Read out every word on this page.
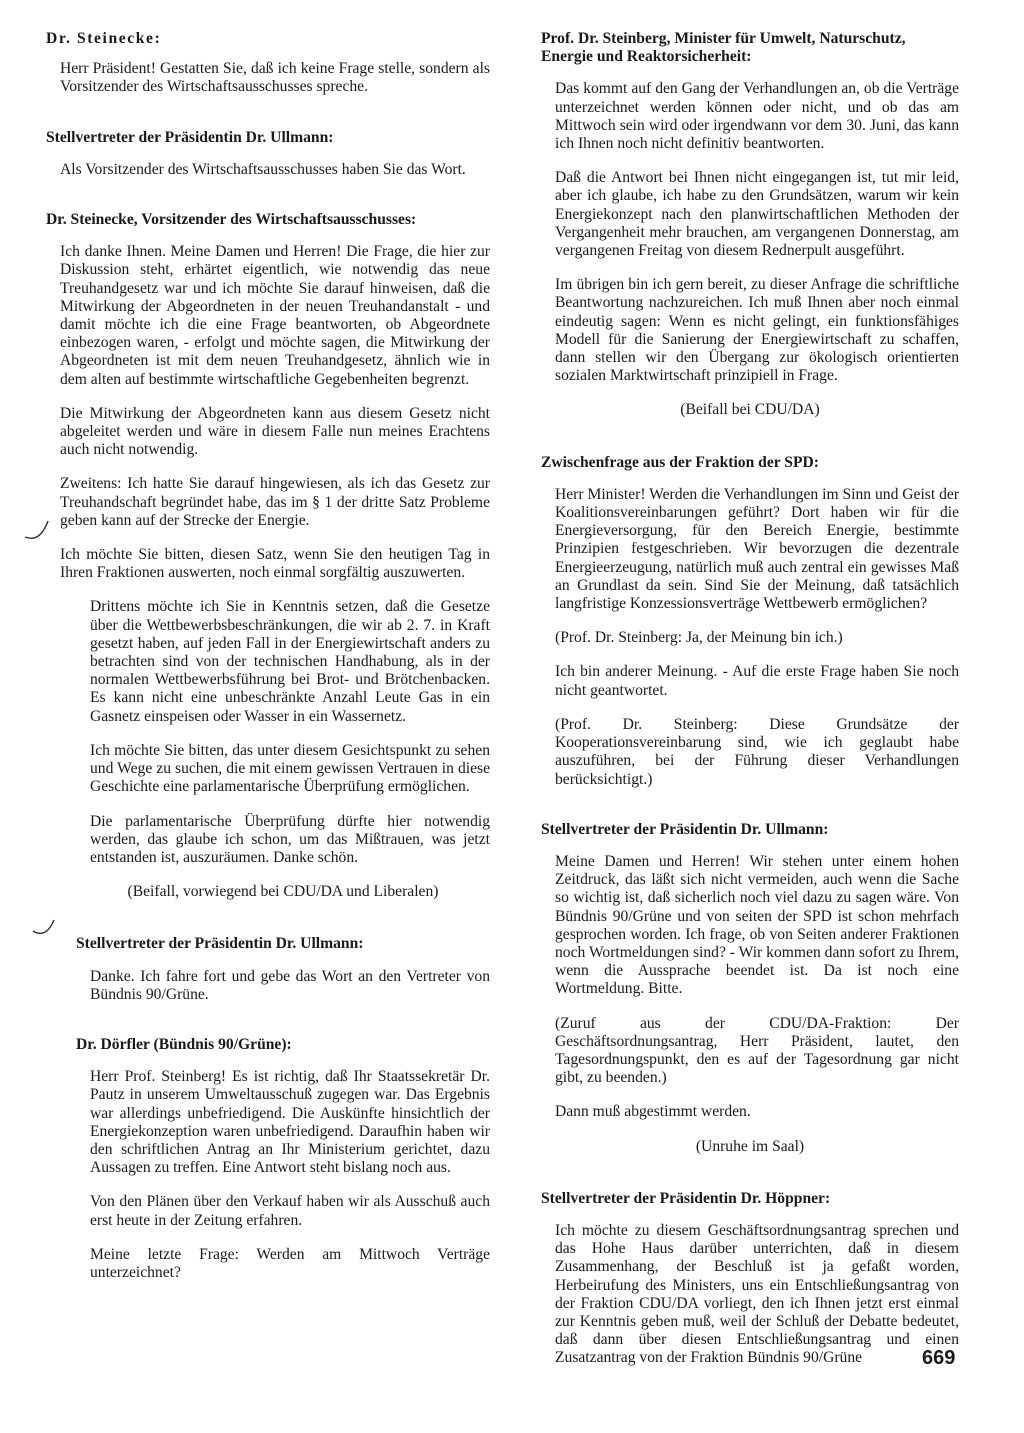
Dr. Steinecke:

Herr Präsident! Gestatten Sie, daß ich keine Frage stelle, sondern als Vorsitzender des Wirtschaftsausschusses spreche.

Stellvertreter der Präsidentin Dr. Ullmann:

Als Vorsitzender des Wirtschaftsausschusses haben Sie das Wort.

Dr. Steinecke, Vorsitzender des Wirtschaftsausschusses:

Ich danke Ihnen. Meine Damen und Herren! Die Frage, die hier zur Diskussion steht, erhärtet eigentlich, wie notwendig das neue Treuhandgesetz war und ich möchte Sie darauf hinweisen, daß die Mitwirkung der Abgeordneten in der neuen Treuhandanstalt - und damit möchte ich die eine Frage beantworten, ob Abgeordnete einbezogen waren, - erfolgt und möchte sagen, die Mitwirkung der Abgeordneten ist mit dem neuen Treuhandgesetz, ähnlich wie in dem alten auf bestimmte wirtschaftliche Gegebenheiten begrenzt.

Die Mitwirkung der Abgeordneten kann aus diesem Gesetz nicht abgeleitet werden und wäre in diesem Falle nun meines Erachtens auch nicht notwendig.

Zweitens: Ich hatte Sie darauf hingewiesen, als ich das Gesetz zur Treuhandschaft begründet habe, das im § 1 der dritte Satz Probleme geben kann auf der Strecke der Energie.

Ich möchte Sie bitten, diesen Satz, wenn Sie den heutigen Tag in Ihren Fraktionen auswerten, noch einmal sorgfältig auszuwerten.

Drittens möchte ich Sie in Kenntnis setzen, daß die Gesetze über die Wettbewerbsbeschränkungen, die wir ab 2. 7. in Kraft gesetzt haben, auf jeden Fall in der Energiewirtschaft anders zu betrachten sind von der technischen Handhabung, als in der normalen Wettbewerbsführung bei Brot- und Brötchenbacken. Es kann nicht eine unbeschränkte Anzahl Leute Gas in ein Gasnetz einspeisen oder Wasser in ein Wassernetz.

Ich möchte Sie bitten, das unter diesem Gesichtspunkt zu sehen und Wege zu suchen, die mit einem gewissen Vertrauen in diese Geschichte eine parlamentarische Überprüfung ermöglichen.

Die parlamentarische Überprüfung dürfte hier notwendig werden, das glaube ich schon, um das Mißtrauen, was jetzt entstanden ist, auszuräumen. Danke schön.

(Beifall, vorwiegend bei CDU/DA und Liberalen)

Stellvertreter der Präsidentin Dr. Ullmann:

Danke. Ich fahre fort und gebe das Wort an den Vertreter von Bündnis 90/Grüne.

Dr. Dörfler (Bündnis 90/Grüne):

Herr Prof. Steinberg! Es ist richtig, daß Ihr Staatssekretär Dr. Pautz in unserem Umweltausschuß zugegen war. Das Ergebnis war allerdings unbefriedigend. Die Auskünfte hinsichtlich der Energiekonzeption waren unbefriedigend. Daraufhin haben wir den schriftlichen Antrag an Ihr Ministerium gerichtet, dazu Aussagen zu treffen. Eine Antwort steht bislang noch aus.

Von den Plänen über den Verkauf haben wir als Ausschuß auch erst heute in der Zeitung erfahren.

Meine letzte Frage: Werden am Mittwoch Verträge unterzeichnet?

Prof. Dr. Steinberg, Minister für Umwelt, Naturschutz, Energie und Reaktorsicherheit:

Das kommt auf den Gang der Verhandlungen an, ob die Verträge unterzeichnet werden können oder nicht, und ob das am Mittwoch sein wird oder irgendwann vor dem 30. Juni, das kann ich Ihnen noch nicht definitiv beantworten.

Daß die Antwort bei Ihnen nicht eingegangen ist, tut mir leid, aber ich glaube, ich habe zu den Grundsätzen, warum wir kein Energiekonzept nach den planwirtschaftlichen Methoden der Vergangenheit mehr brauchen, am vergangenen Donnerstag, am vergangenen Freitag von diesem Rednerpult ausgeführt.

Im übrigen bin ich gern bereit, zu dieser Anfrage die schriftliche Beantwortung nachzureichen. Ich muß Ihnen aber noch einmal eindeutig sagen: Wenn es nicht gelingt, ein funktionsfähiges Modell für die Sanierung der Energiewirtschaft zu schaffen, dann stellen wir den Übergang zur ökologisch orientierten sozialen Marktwirtschaft prinzipiell in Frage.

(Beifall bei CDU/DA)

Zwischenfrage aus der Fraktion der SPD:

Herr Minister! Werden die Verhandlungen im Sinn und Geist der Koalitionsvereinbarungen geführt? Dort haben wir für die Energieversorgung, für den Bereich Energie, bestimmte Prinzipien festgeschrieben. Wir bevorzugen die dezentrale Energieerzeugung, natürlich muß auch zentral ein gewisses Maß an Grundlast da sein. Sind Sie der Meinung, daß tatsächlich langfristige Konzessionsverträge Wettbewerb ermöglichen?

(Prof. Dr. Steinberg: Ja, der Meinung bin ich.)

Ich bin anderer Meinung. - Auf die erste Frage haben Sie noch nicht geantwortet.

(Prof. Dr. Steinberg: Diese Grundsätze der Kooperationsvereinbarung sind, wie ich geglaubt habe auszuführen, bei der Führung dieser Verhandlungen berücksichtigt.)

Stellvertreter der Präsidentin Dr. Ullmann:

Meine Damen und Herren! Wir stehen unter einem hohen Zeitdruck, das läßt sich nicht vermeiden, auch wenn die Sache so wichtig ist, daß sicherlich noch viel dazu zu sagen wäre. Von Bündnis 90/Grüne und von seiten der SPD ist schon mehrfach gesprochen worden. Ich frage, ob von Seiten anderer Fraktionen noch Wortmeldungen sind? - Wir kommen dann sofort zu Ihrem, wenn die Aussprache beendet ist. Da ist noch eine Wortmeldung. Bitte.

(Zuruf aus der CDU/DA-Fraktion: Der Geschäftsordnungsantrag, Herr Präsident, lautet, den Tagesordnungspunkt, den es auf der Tagesordnung gar nicht gibt, zu beenden.)

Dann muß abgestimmt werden.

(Unruhe im Saal)

Stellvertreter der Präsidentin Dr. Höppner:

Ich möchte zu diesem Geschäftsordnungsantrag sprechen und das Hohe Haus darüber unterrichten, daß in diesem Zusammenhang, der Beschluß ist ja gefaßt worden, Herbeirufung des Ministers, uns ein Entschließungsantrag von der Fraktion CDU/DA vorliegt, den ich Ihnen jetzt erst einmal zur Kenntnis geben muß, weil der Schluß der Debatte bedeutet, daß dann über diesen Entschließungsantrag und einen Zusatzantrag von der Fraktion Bündnis 90/Grüne	669
